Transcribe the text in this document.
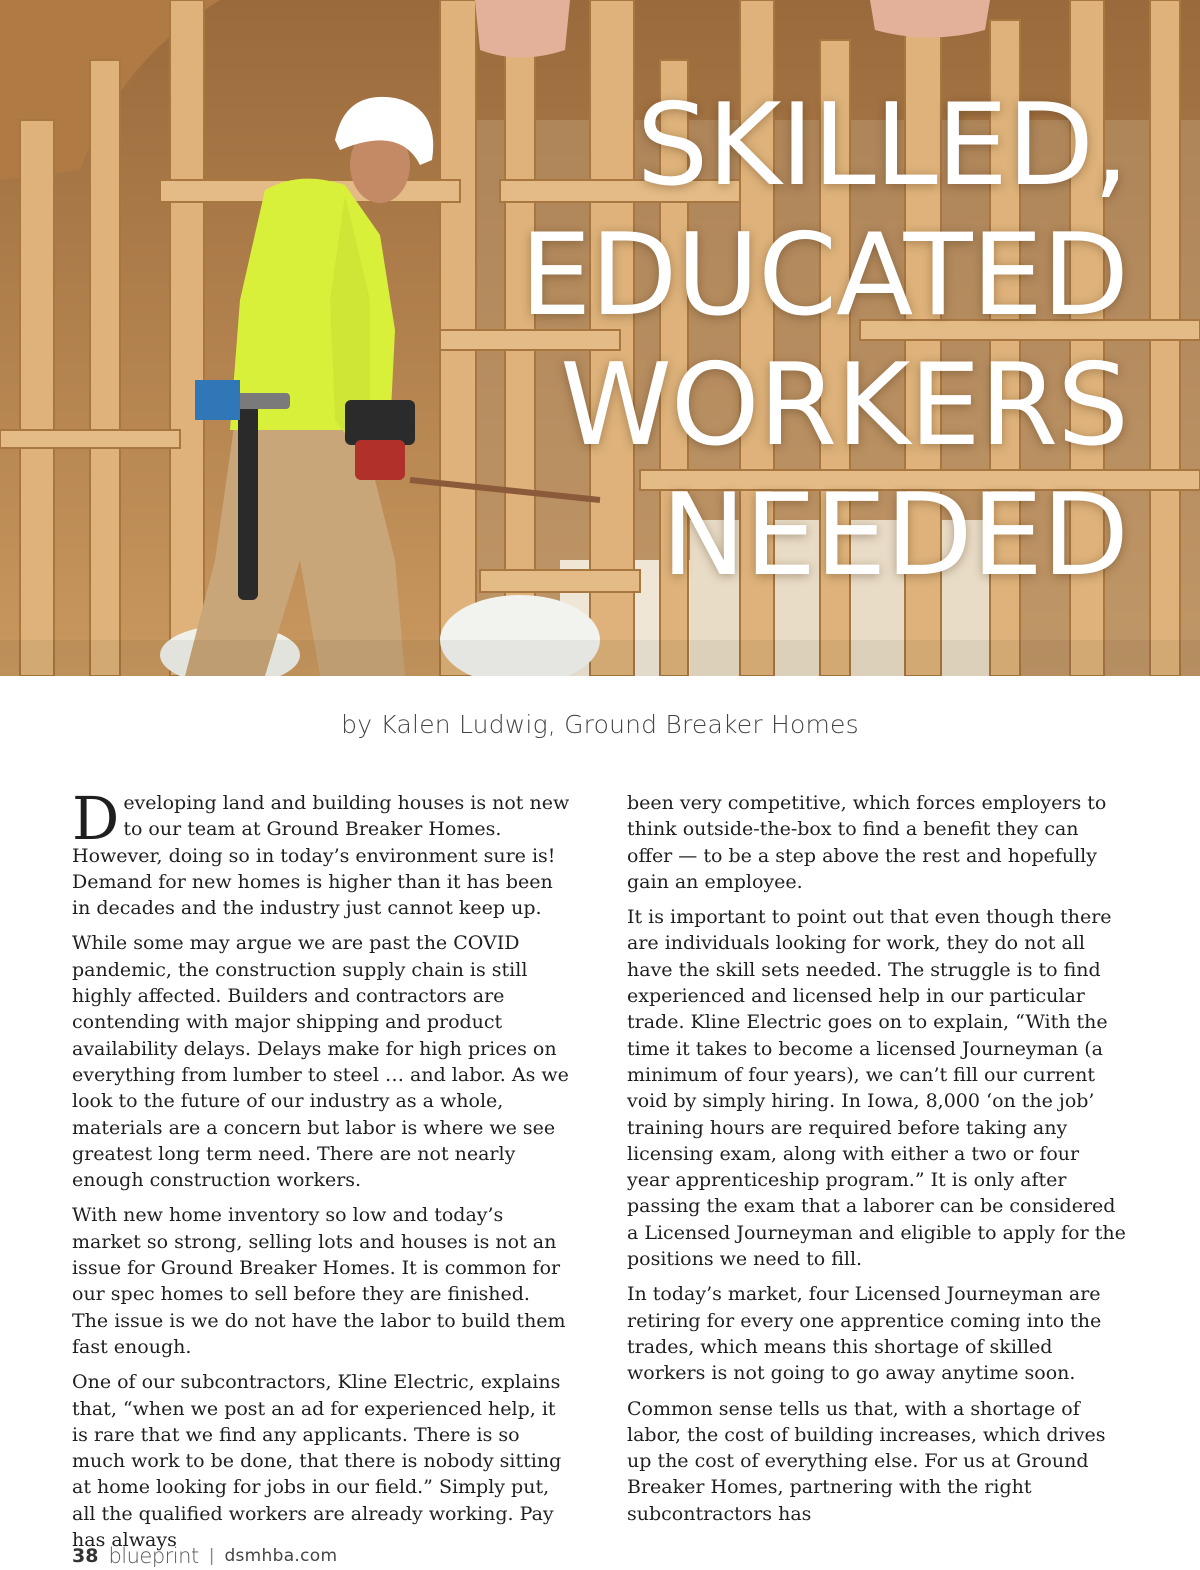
SKILLED,
EDUCATED
WORKERS
NEEDED
by Kalen Ludwig, Ground Breaker Homes

Developing land and building houses is not new to our team at Ground Breaker Homes. However, doing so in today’s environment sure is! Demand for new homes is higher than it has been in decades and the industry just cannot keep up.

While some may argue we are past the COVID pandemic, the construction supply chain is still highly affected. Builders and contractors are contending with major shipping and product availability delays. Delays make for high prices on everything from lumber to steel … and labor. As we look to the future of our industry as a whole, materials are a concern but labor is where we see greatest long term need. There are not nearly enough construction workers.

With new home inventory so low and today’s market so strong, selling lots and houses is not an issue for Ground Breaker Homes. It is common for our spec homes to sell before they are finished. The issue is we do not have the labor to build them fast enough.

One of our subcontractors, Kline Electric, explains that, “when we post an ad for experienced help, it is rare that we find any applicants. There is so much work to be done, that there is nobody sitting at home looking for jobs in our field.” Simply put, all the qualified workers are already working. Pay has always

been very competitive, which forces employers to think outside-the-box to find a benefit they can offer — to be a step above the rest and hopefully gain an employee.

It is important to point out that even though there are individuals looking for work, they do not all have the skill sets needed. The struggle is to find experienced and licensed help in our particular trade. Kline Electric goes on to explain, “With the time it takes to become a licensed Journeyman (a minimum of four years), we can’t fill our current void by simply hiring. In Iowa, 8,000 ‘on the job’ training hours are required before taking any licensing exam, along with either a two or four year apprenticeship program.” It is only after passing the exam that a laborer can be considered a Licensed Journeyman and eligible to apply for the positions we need to fill.

In today’s market, four Licensed Journeyman are retiring for every one apprentice coming into the trades, which means this shortage of skilled workers is not going to go away anytime soon.

Common sense tells us that, with a shortage of labor, the cost of building increases, which drives up the cost of everything else. For us at Ground Breaker Homes, partnering with the right subcontractors has

38 blueprint | dsmhba.com
